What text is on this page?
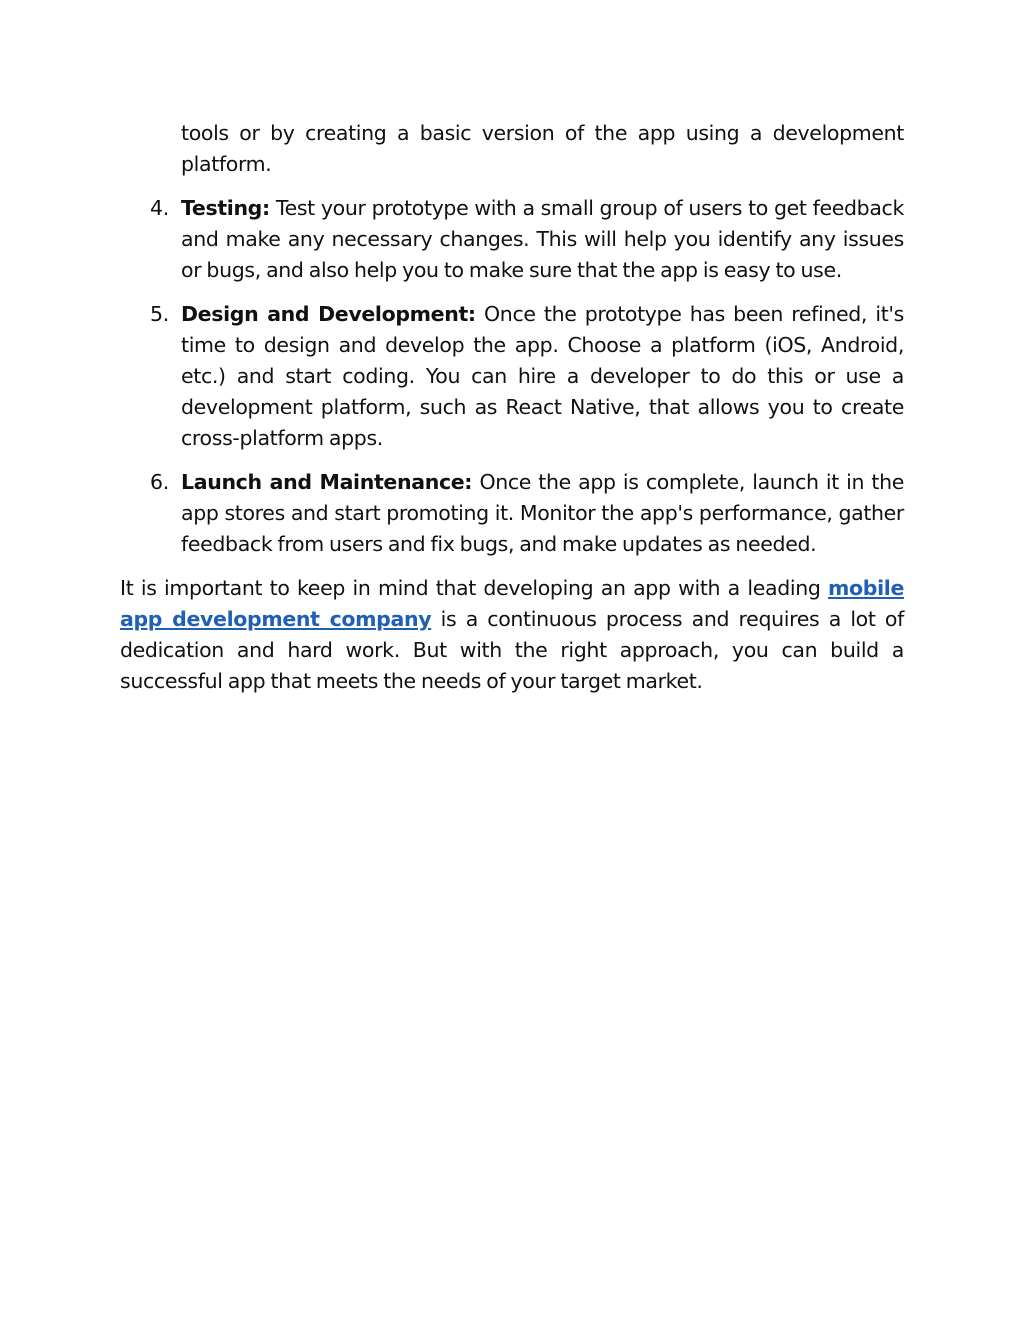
tools or by creating a basic version of the app using a development platform.

4. Testing: Test your prototype with a small group of users to get feedback and make any necessary changes. This will help you identify any issues or bugs, and also help you to make sure that the app is easy to use.
5. Design and Development: Once the prototype has been refined, it's time to design and develop the app. Choose a platform (iOS, Android, etc.) and start coding. You can hire a developer to do this or use a development platform, such as React Native, that allows you to create cross-platform apps.
6. Launch and Maintenance: Once the app is complete, launch it in the app stores and start promoting it. Monitor the app's performance, gather feedback from users and fix bugs, and make updates as needed.

It is important to keep in mind that developing an app with a leading mobile app development company is a continuous process and requires a lot of dedication and hard work. But with the right approach, you can build a successful app that meets the needs of your target market.
